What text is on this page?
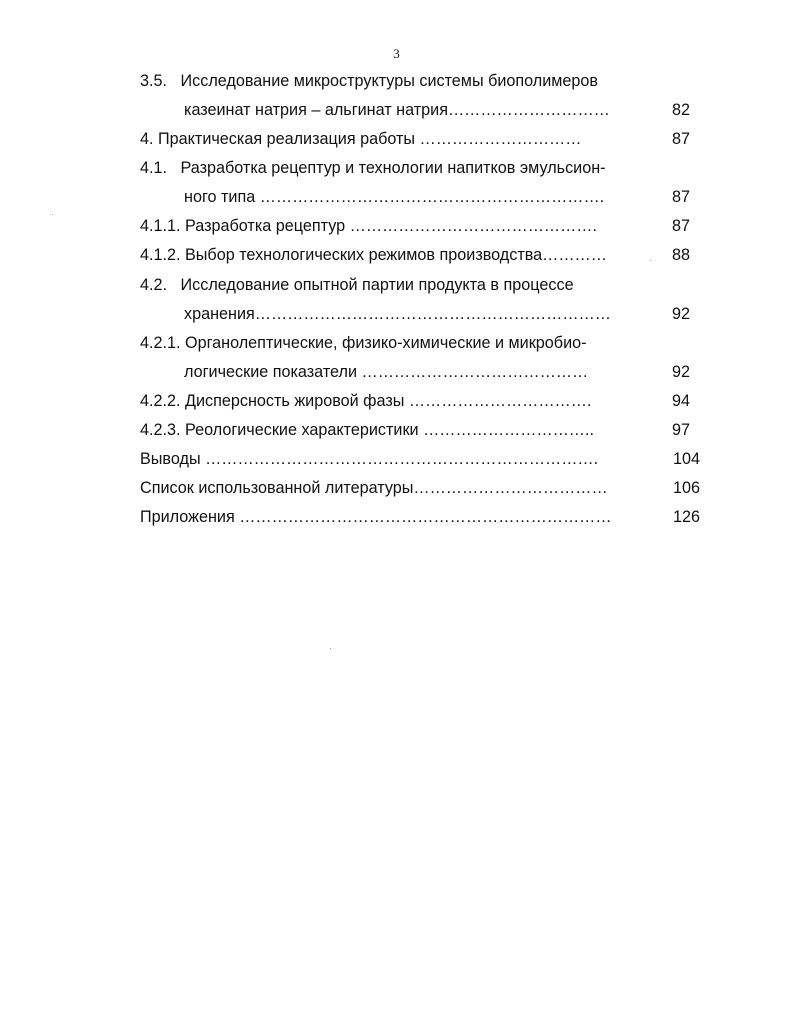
3
3.5.   Исследование микроструктуры системы биополимеров
казеинат натрия – альгинат натрия…………………………	82
4. Практическая реализация работы …………………………	87
4.1.   Разработка рецептур и технологии напитков эмульсион-
ного типа ……………………………………………………….	87
4.1.1. Разработка рецептур ……………………………………….	87
4.1.2. Выбор технологических режимов производства…………	88
4.2.   Исследование опытной партии продукта в процессе
хранения…………………………………………………………	92
4.2.1. Органолептические, физико-химические и микробио-
логические показатели ……………………………………	92
4.2.2. Дисперсность жировой фазы …………………………….	94
4.2.3. Реологические характеристики …………………………..	97
Выводы ……………………………………………………………….	104
Список использованной литературы………………………………	106
Приложения ……………………………………………………………	126
